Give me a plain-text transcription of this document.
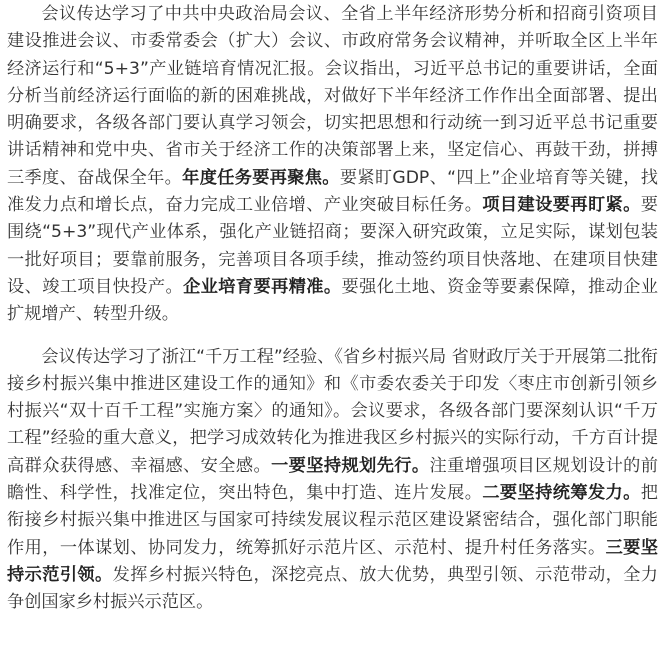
会议传达学习了中共中央政治局会议、全省上半年经济形势分析和招商引资项目建设推进会议、市委常委会（扩大）会议、市政府常务会议精神，并听取全区上半年经济运行和“5+3”产业链培育情况汇报。会议指出，习近平总书记的重要讲话，全面分析当前经济运行面临的新的困难挑战，对做好下半年经济工作作出全面部署、提出明确要求，各级各部门要认真学习领会，切实把思想和行动统一到习近平总书记重要讲话精神和党中央、省市关于经济工作的决策部署上来，坚定信心、再鼓干劲，拼搏三季度、奋战保全年。年度任务要再聚焦。要紧盯GDP、“四上”企业培育等关键，找准发力点和增长点，奋力完成工业倍增、产业突破目标任务。项目建设要再盯紧。要围绕“5+3”现代产业体系，强化产业链招商；要深入研究政策，立足实际，谋划包装一批好项目；要靠前服务，完善项目各项手续，推动签约项目快落地、在建项目快建设、竣工项目快投产。企业培育要再精准。要强化土地、资金等要素保障，推动企业扩规增产、转型升级。

会议传达学习了浙江“千万工程”经验、《省乡村振兴局 省财政厅关于开展第二批衔接乡村振兴集中推进区建设工作的通知》和《市委农委关于印发〈枣庄市创新引领乡村振兴“双十百千工程”实施方案〉的通知》。会议要求，各级各部门要深刻认识“千万工程”经验的重大意义，把学习成效转化为推进我区乡村振兴的实际行动，千方百计提高群众获得感、幸福感、安全感。一要坚持规划先行。注重增强项目区规划设计的前瞻性、科学性，找准定位，突出特色，集中打造、连片发展。二要坚持统筹发力。把衔接乡村振兴集中推进区与国家可持续发展议程示范区建设紧密结合，强化部门职能作用，一体谋划、协同发力，统筹抓好示范片区、示范村、提升村任务落实。三要坚持示范引领。发挥乡村振兴特色，深挖亮点、放大优势，典型引领、示范带动，全力争创国家乡村振兴示范区。
